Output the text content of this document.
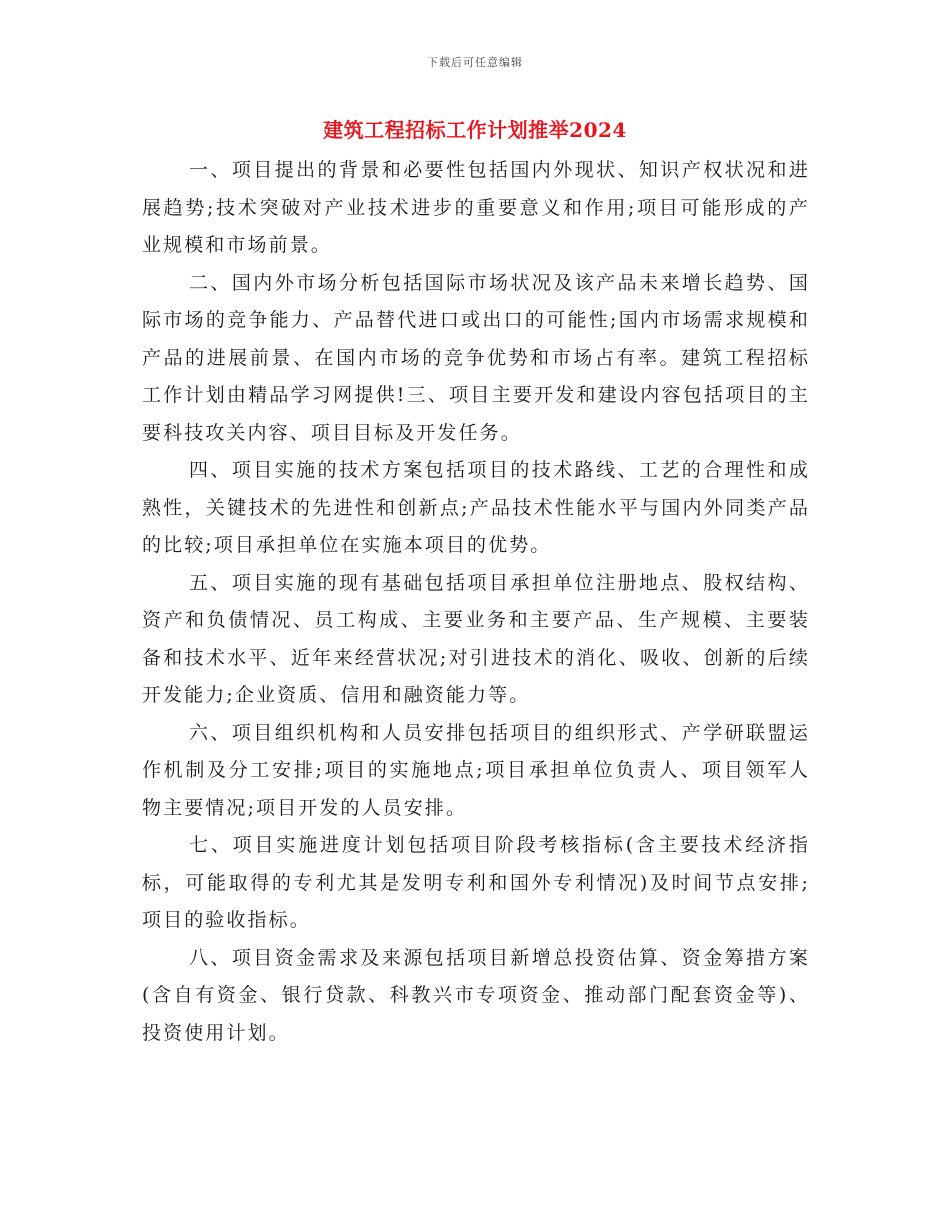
下载后可任意编辑
建筑工程招标工作计划推举2024

一、项目提出的背景和必要性包括国内外现状、知识产权状况和进展趋势;技术突破对产业技术进步的重要意义和作用;项目可能形成的产业规模和市场前景。

二、国内外市场分析包括国际市场状况及该产品未来增长趋势、国际市场的竞争能力、产品替代进口或出口的可能性;国内市场需求规模和产品的进展前景、在国内市场的竞争优势和市场占有率。建筑工程招标工作计划由精品学习网提供!三、项目主要开发和建设内容包括项目的主要科技攻关内容、项目目标及开发任务。

四、项目实施的技术方案包括项目的技术路线、工艺的合理性和成熟性，关键技术的先进性和创新点;产品技术性能水平与国内外同类产品的比较;项目承担单位在实施本项目的优势。

五、项目实施的现有基础包括项目承担单位注册地点、股权结构、资产和负债情况、员工构成、主要业务和主要产品、生产规模、主要装备和技术水平、近年来经营状况;对引进技术的消化、吸收、创新的后续开发能力;企业资质、信用和融资能力等。

六、项目组织机构和人员安排包括项目的组织形式、产学研联盟运作机制及分工安排;项目的实施地点;项目承担单位负责人、项目领军人物主要情况;项目开发的人员安排。

七、项目实施进度计划包括项目阶段考核指标(含主要技术经济指标，可能取得的专利尤其是发明专利和国外专利情况)及时间节点安排;项目的验收指标。

八、项目资金需求及来源包括项目新增总投资估算、资金筹措方案(含自有资金、银行贷款、科教兴市专项资金、推动部门配套资金等)、投资使用计划。
